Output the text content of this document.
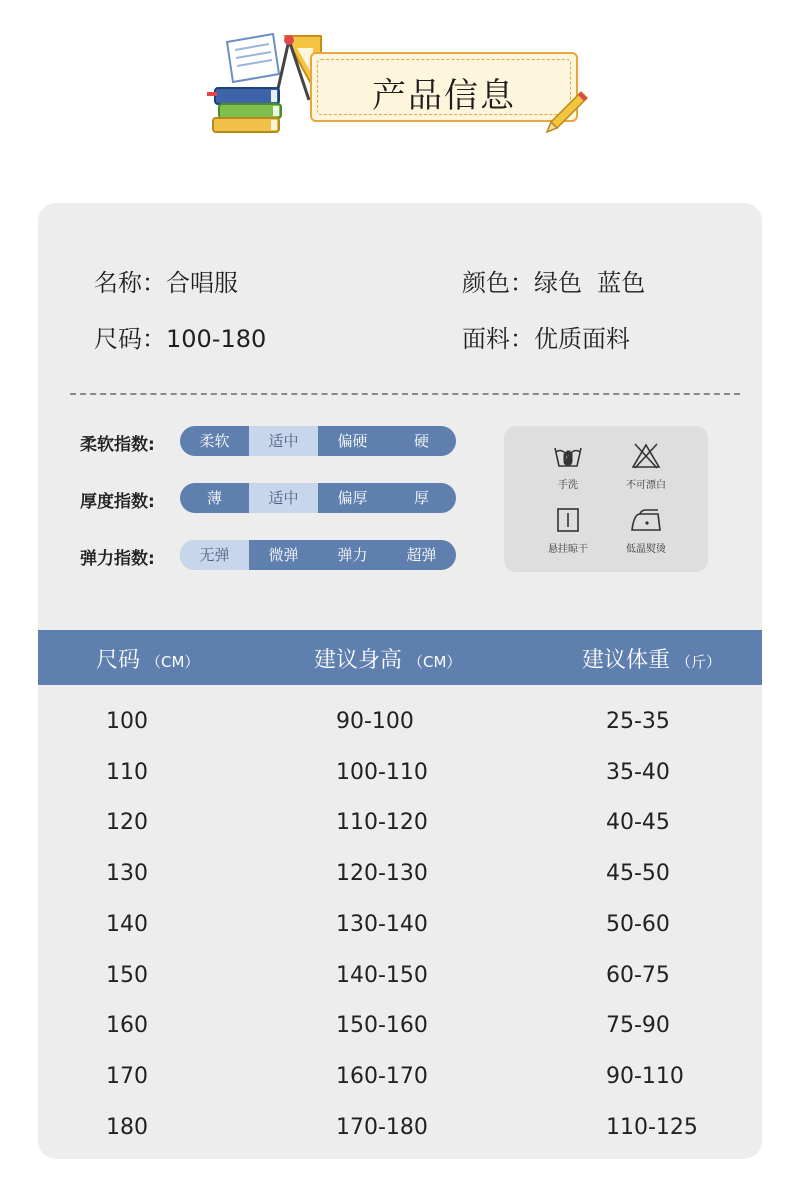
产品信息
名称：合唱服	颜色：绿色  蓝色
尺码：100-180	面料：优质面料
柔软指数:	柔软	适中	偏硬	硬
厚度指数:	薄	适中	偏厚	厚
弹力指数:	无弹	微弹	弹力	超弹
手洗	不可漂白
悬挂晾干	低温熨烫
尺码 （CM）	建议身高 （CM）	建议体重 （斤）
100	90-100	25-35
110	100-110	35-40
120	110-120	40-45
130	120-130	45-50
140	130-140	50-60
150	140-150	60-75
160	150-160	75-90
170	160-170	90-110
180	170-180	110-125
